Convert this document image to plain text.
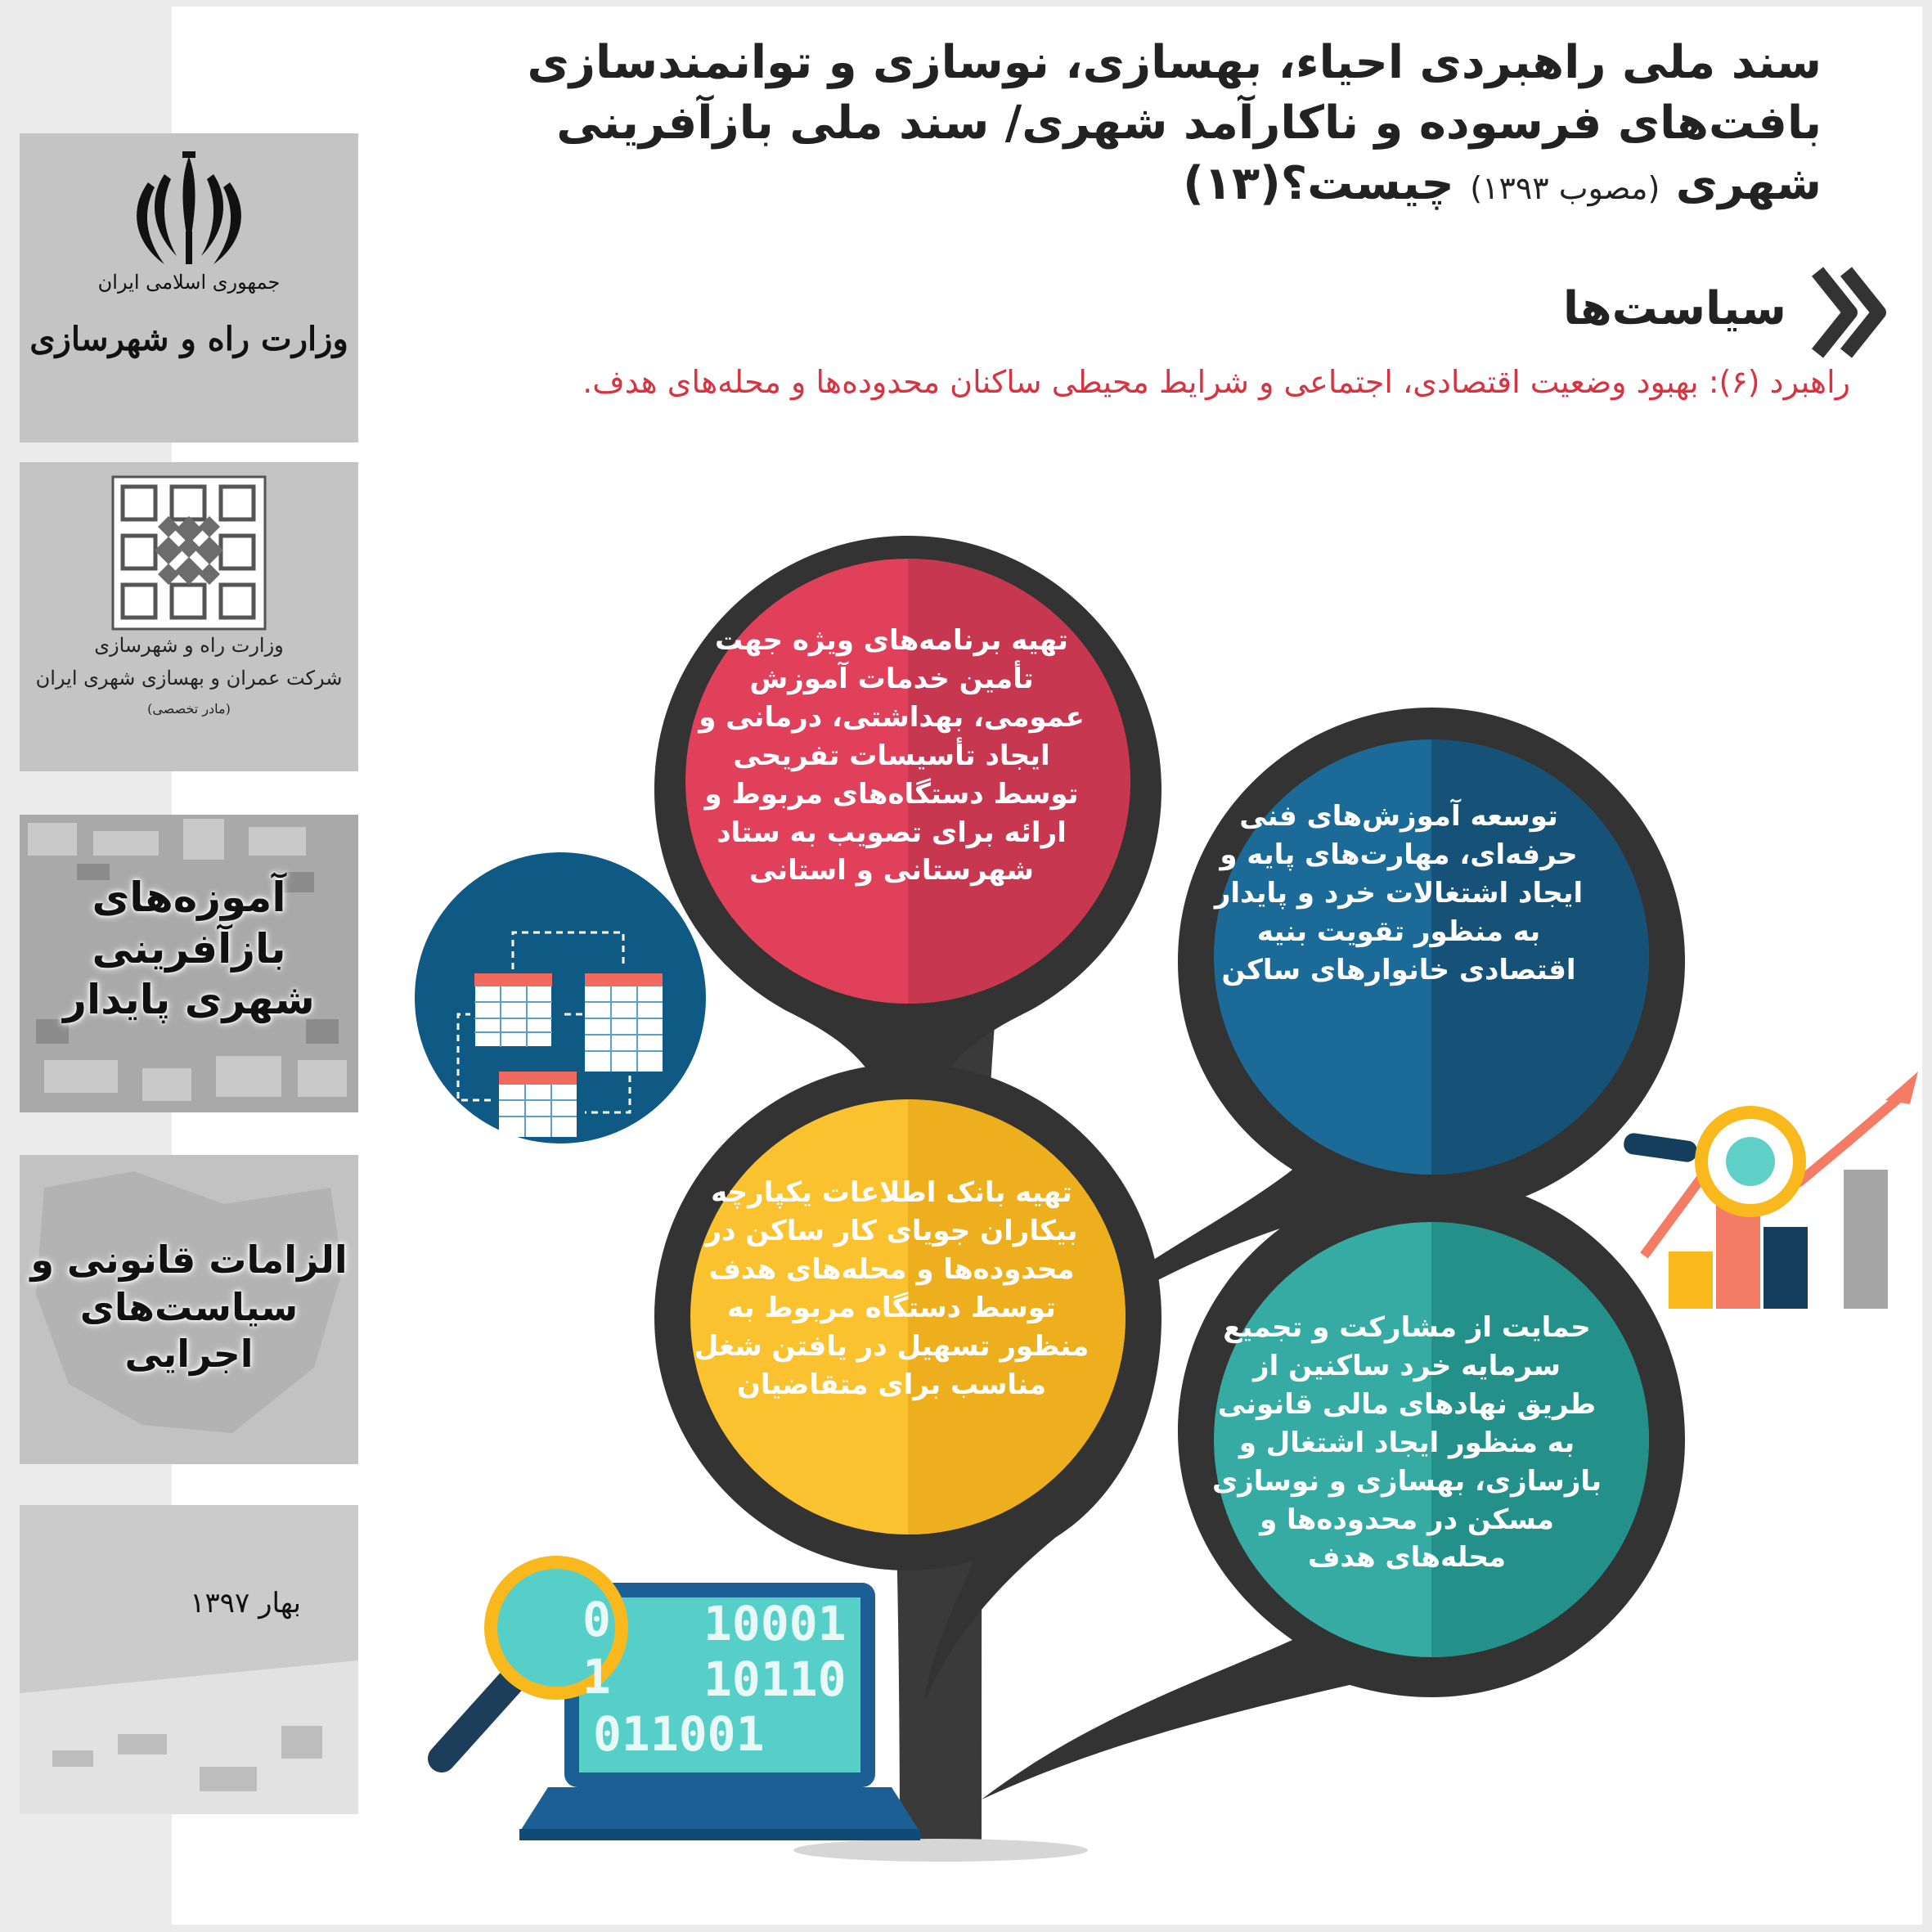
جمهوری اسلامی ایران
وزارت راه و شهرسازی
وزارت راه و شهرسازی
شرکت عمران و بهسازی شهری ایران
(مادر تخصصی)
آموزه‌های بازآفرینی شهری پایدار
الزامات قانونی و سیاست‌های اجرایی
بهار ۱۳۹۷
سند ملی راهبردی احیاء، بهسازی، نوسازی و توانمندسازی
بافت‌های فرسوده و ناکارآمد شهری/ سند ملی بازآفرینی
شهری (مصوب ۱۳۹۳) چیست؟(۱۳)
سیاست‌ها
راهبرد (۶): بهبود وضعیت اقتصادی، اجتماعی و شرایط محیطی ساکنان محدوده‌ها و محله‌های هدف.
10001
10110
011001
0
1
تهیه برنامه‌های ویژه جهت تأمین خدمات آموزش عمومی، بهداشتی، درمانی و ایجاد تأسیسات تفریحی توسط دستگاه‌های مربوط و ارائه برای تصویب به ستاد شهرستانی و استانی
توسعه آموزش‌های فنی حرفه‌ای، مهارت‌های پایه و ایجاد اشتغالات خرد و پایدار به منظور تقویت بنیه اقتصادی خانوارهای ساکن
تهیه بانک اطلاعات یکپارچه بیکاران جویای کار ساکن در محدوده‌ها و محله‌های هدف توسط دستگاه مربوط به منظور تسهیل در یافتن شغل مناسب برای متقاضیان
حمایت از مشارکت و تجمیع سرمایه خرد ساکنین از طریق نهادهای مالی قانونی به منظور ایجاد اشتغال و بازسازی، بهسازی و نوسازی مسکن در محدوده‌ها و محله‌های هدف
